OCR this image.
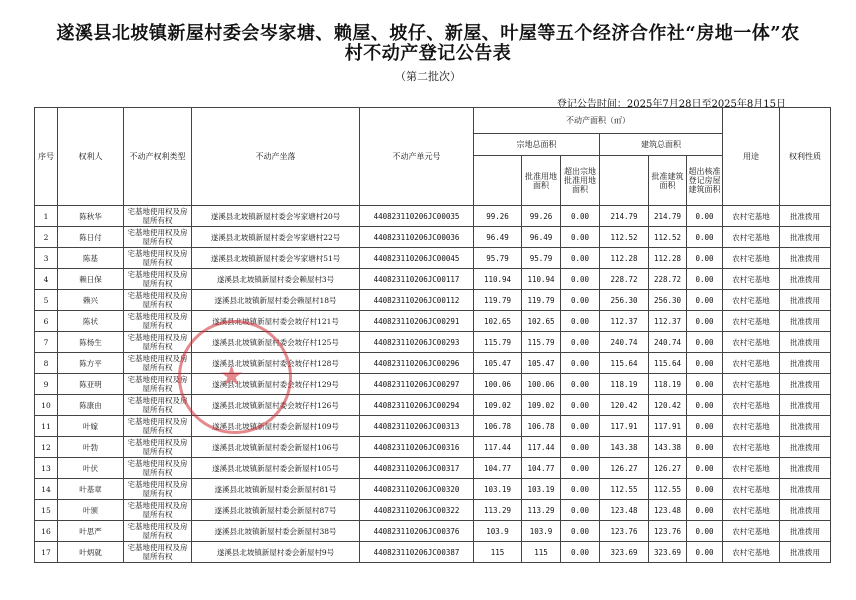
遂溪县北坡镇新屋村委会岑家塘、赖屋、坡仔、新屋、叶屋等五个经济合作社“房地一体”农
村不动产登记公告表
（第二批次）
登记公告时间：2025年7月28日至2025年8月15日
序号	权利人	不动产权利类型	不动产坐落	不动产单元号	不动产面积（㎡）						用途	权利性质
					宗地总面积			建筑总面积				
						批准用地面积	超出宗地批准用地面积		批准建筑面积	超出核准登记房屋建筑面积		
1	陈秋华	宅基地使用权及房屋所有权	遂溪县北坡镇新屋村委会岑家塘村20号	440823110206JC00035	99.26	99.26	0.00	214.79	214.79	0.00	农村宅基地	批准拨用
2	陈日付	宅基地使用权及房屋所有权	遂溪县北坡镇新屋村委会岑家塘村22号	440823110206JC00036	96.49	96.49	0.00	112.52	112.52	0.00	农村宅基地	批准拨用
3	陈基	宅基地使用权及房屋所有权	遂溪县北坡镇新屋村委会岑家塘村51号	440823110206JC00045	95.79	95.79	0.00	112.28	112.28	0.00	农村宅基地	批准拨用
4	赖日保	宅基地使用权及房屋所有权	遂溪县北坡镇新屋村委会赖屋村3号	440823110206JC00117	110.94	110.94	0.00	228.72	228.72	0.00	农村宅基地	批准拨用
5	赖兴	宅基地使用权及房屋所有权	遂溪县北坡镇新屋村委会赖屋村18号	440823110206JC00112	119.79	119.79	0.00	256.30	256.30	0.00	农村宅基地	批准拨用
6	陈状	宅基地使用权及房屋所有权	遂溪县北坡镇新屋村委会坡仔村121号	440823110206JC00291	102.65	102.65	0.00	112.37	112.37	0.00	农村宅基地	批准拨用
7	陈杨生	宅基地使用权及房屋所有权	遂溪县北坡镇新屋村委会坡仔村125号	440823110206JC00293	115.79	115.79	0.00	240.74	240.74	0.00	农村宅基地	批准拨用
8	陈方平	宅基地使用权及房屋所有权	遂溪县北坡镇新屋村委会坡仔村128号	440823110206JC00296	105.47	105.47	0.00	115.64	115.64	0.00	农村宅基地	批准拨用
9	陈亚明	宅基地使用权及房屋所有权	遂溪县北坡镇新屋村委会坡仔村129号	440823110206JC00297	100.06	100.06	0.00	118.19	118.19	0.00	农村宅基地	批准拨用
10	陈康由	宅基地使用权及房屋所有权	遂溪县北坡镇新屋村委会坡仔村126号	440823110206JC00294	109.02	109.02	0.00	120.42	120.42	0.00	农村宅基地	批准拨用
11	叶嫁	宅基地使用权及房屋所有权	遂溪县北坡镇新屋村委会新屋村109号	440823110206JC00313	106.78	106.78	0.00	117.91	117.91	0.00	农村宅基地	批准拨用
12	叶勃	宅基地使用权及房屋所有权	遂溪县北坡镇新屋村委会新屋村106号	440823110206JC00316	117.44	117.44	0.00	143.38	143.38	0.00	农村宅基地	批准拨用
13	叶伏	宅基地使用权及房屋所有权	遂溪县北坡镇新屋村委会新屋村105号	440823110206JC00317	104.77	104.77	0.00	126.27	126.27	0.00	农村宅基地	批准拨用
14	叶基章	宅基地使用权及房屋所有权	遂溪县北坡镇新屋村委会新屋村81号	440823110206JC00320	103.19	103.19	0.00	112.55	112.55	0.00	农村宅基地	批准拨用
15	叶颁	宅基地使用权及房屋所有权	遂溪县北坡镇新屋村委会新屋村87号	440823110206JC00322	113.29	113.29	0.00	123.48	123.48	0.00	农村宅基地	批准拨用
16	叶思严	宅基地使用权及房屋所有权	遂溪县北坡镇新屋村委会新屋村38号	440823110206JC00376	103.9	103.9	0.00	123.76	123.76	0.00	农村宅基地	批准拨用
17	叶炳就	宅基地使用权及房屋所有权	遂溪县北坡镇新屋村委会新屋村9号	440823110206JC00387	115	115	0.00	323.69	323.69	0.00	农村宅基地	批准拨用
★
